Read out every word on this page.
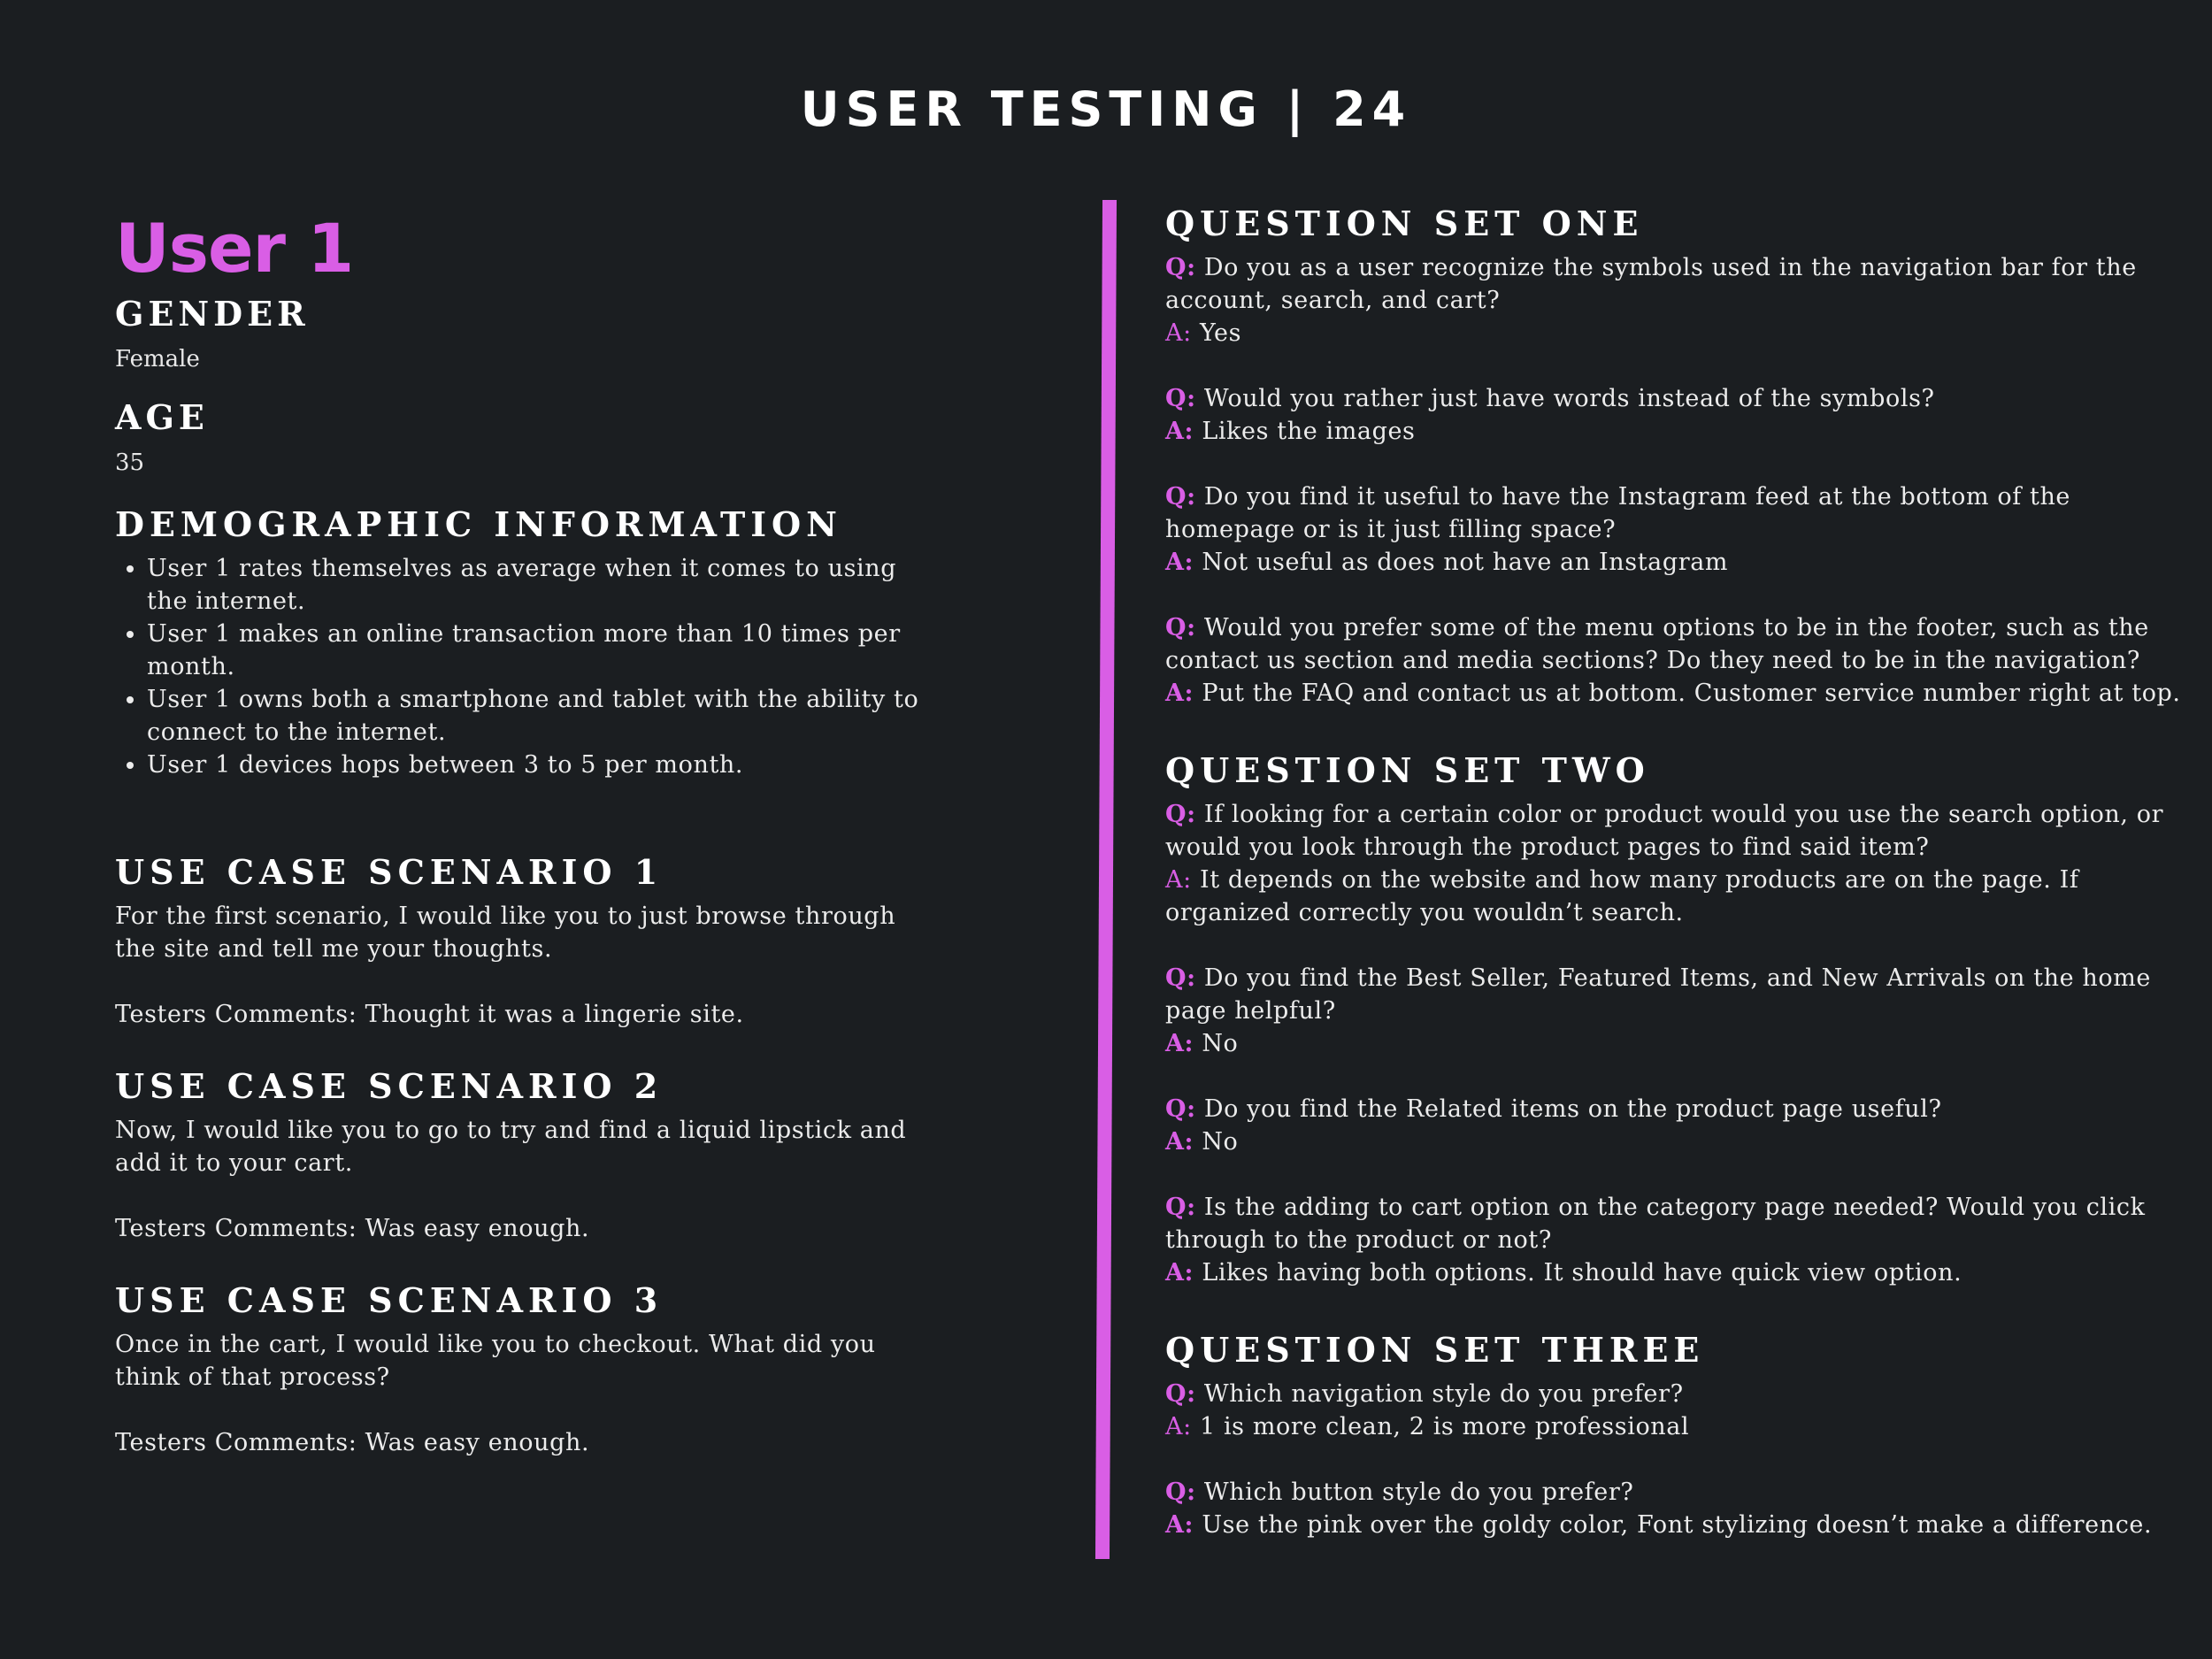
USER TESTING | 24
User 1
GENDER

Female

AGE

35

DEMOGRAPHIC INFORMATION
• User 1 rates themselves as average when it comes to using the internet.
• User 1 makes an online transaction more than 10 times per month.
• User 1 owns both a smartphone and tablet with the ability to connect to the internet.
• User 1 devices hops between 3 to 5 per month.
USE CASE SCENARIO 1

For the first scenario, I would like you to just browse through the site and tell me your thoughts.

Testers Comments: Thought it was a lingerie site.

USE CASE SCENARIO 2

Now, I would like you to go to try and find a liquid lipstick and add it to your cart.

Testers Comments: Was easy enough.

USE CASE SCENARIO 3

Once in the cart, I would like you to checkout. What did you think of that process?

Testers Comments: Was easy enough.

QUESTION SET ONE

Q: Do you as a user recognize the symbols used in the navigation bar for the account, search, and cart?

A: Yes

Q: Would you rather just have words instead of the symbols?

A: Likes the images

Q: Do you find it useful to have the Instagram feed at the bottom of the homepage or is it just filling space?

A: Not useful as does not have an Instagram

Q: Would you prefer some of the menu options to be in the footer, such as the contact us section and media sections? Do they need to be in the navigation?

A: Put the FAQ and contact us at bottom. Customer service number right at top.

QUESTION SET TWO

Q: If looking for a certain color or product would you use the search option, or would you look through the product pages to find said item?

A: It depends on the website and how many products are on the page. If organized correctly you wouldn’t search.

Q: Do you find the Best Seller, Featured Items, and New Arrivals on the home page helpful?

A: No

Q: Do you find the Related items on the product page useful?

A: No

Q: Is the adding to cart option on the category page needed? Would you click through to the product or not?

A: Likes having both options. It should have quick view option.

QUESTION SET THREE

Q: Which navigation style do you prefer?

A: 1 is more clean, 2 is more professional

Q: Which button style do you prefer?

A: Use the pink over the goldy color, Font stylizing doesn’t make a difference.
